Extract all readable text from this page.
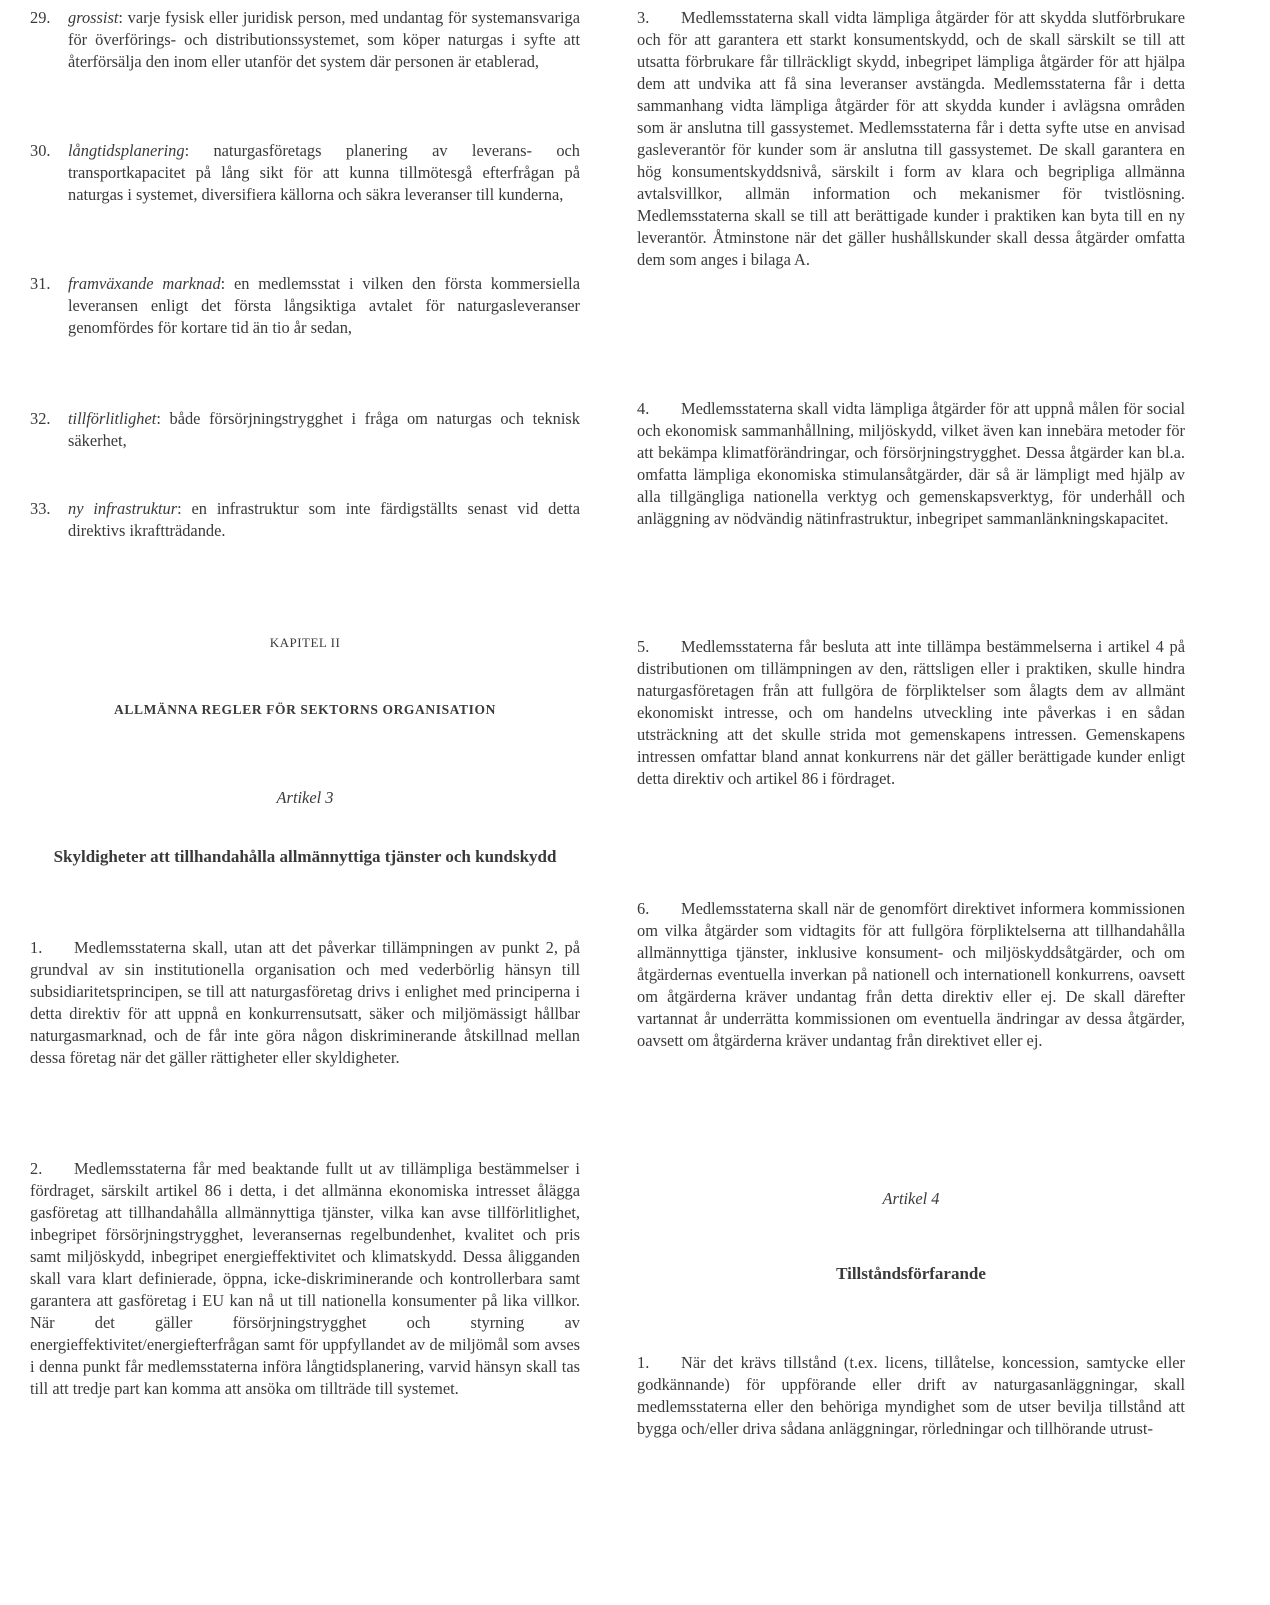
29. grossist: varje fysisk eller juridisk person, med undantag för systemansvariga för överförings- och distributionssystemet, som köper naturgas i syfte att återförsälja den inom eller utanför det system där personen är etablerad,
30. långtidsplanering: naturgasföretags planering av leverans- och transportkapacitet på lång sikt för att kunna tillmötesgå efterfrågan på naturgas i systemet, diversifiera källorna och säkra leveranser till kunderna,
31. framväxande marknad: en medlemsstat i vilken den första kommersiella leveransen enligt det första långsiktiga avtalet för naturgasleveranser genomfördes för kortare tid än tio år sedan,
32. tillförlitlighet: både försörjningstrygghet i fråga om naturgas och teknisk säkerhet,
33. ny infrastruktur: en infrastruktur som inte färdigställts senast vid detta direktivs ikraftträdande.
KAPITEL II
ALLMÄNNA REGLER FÖR SEKTORNS ORGANISATION
Artikel 3
Skyldigheter att tillhandahålla allmännyttiga tjänster och kundskydd
1. Medlemsstaterna skall, utan att det påverkar tillämpningen av punkt 2, på grundval av sin institutionella organisation och med vederbörlig hänsyn till subsidiaritetsprincipen, se till att naturgasföretag drivs i enlighet med principerna i detta direktiv för att uppnå en konkurrensutsatt, säker och miljömässigt hållbar naturgasmarknad, och de får inte göra någon diskriminerande åtskillnad mellan dessa företag när det gäller rättigheter eller skyldigheter.
2. Medlemsstaterna får med beaktande fullt ut av tillämpliga bestämmelser i fördraget, särskilt artikel 86 i detta, i det allmänna ekonomiska intresset ålägga gasföretag att tillhandahålla allmännyttiga tjänster, vilka kan avse tillförlitlighet, inbegripet försörjningstrygghet, leveransernas regelbundenhet, kvalitet och pris samt miljöskydd, inbegripet energieffektivitet och klimatskydd. Dessa åligganden skall vara klart definierade, öppna, icke-diskriminerande och kontrollerbara samt garantera att gasföretag i EU kan nå ut till nationella konsumenter på lika villkor. När det gäller försörjningstrygghet och styrning av energieffektivitet/energiefterfrågan samt för uppfyllandet av de miljömål som avses i denna punkt får medlemsstaterna införa långtidsplanering, varvid hänsyn skall tas till att tredje part kan komma att ansöka om tillträde till systemet.
3. Medlemsstaterna skall vidta lämpliga åtgärder för att skydda slutförbrukare och för att garantera ett starkt konsumentskydd, och de skall särskilt se till att utsatta förbrukare får tillräckligt skydd, inbegripet lämpliga åtgärder för att hjälpa dem att undvika att få sina leveranser avstängda. Medlemsstaterna får i detta sammanhang vidta lämpliga åtgärder för att skydda kunder i avlägsna områden som är anslutna till gassystemet. Medlemsstaterna får i detta syfte utse en anvisad gasleverantör för kunder som är anslutna till gassystemet. De skall garantera en hög konsumentskyddsnivå, särskilt i form av klara och begripliga allmänna avtalsvillkor, allmän information och mekanismer för tvistlösning. Medlemsstaterna skall se till att berättigade kunder i praktiken kan byta till en ny leverantör. Åtminstone när det gäller hushållskunder skall dessa åtgärder omfatta dem som anges i bilaga A.
4. Medlemsstaterna skall vidta lämpliga åtgärder för att uppnå målen för social och ekonomisk sammanhållning, miljöskydd, vilket även kan innebära metoder för att bekämpa klimatförändringar, och försörjningstrygghet. Dessa åtgärder kan bl.a. omfatta lämpliga ekonomiska stimulansåtgärder, där så är lämpligt med hjälp av alla tillgängliga nationella verktyg och gemenskapsverktyg, för underhåll och anläggning av nödvändig nätinfrastruktur, inbegripet sammanlänkningskapacitet.
5. Medlemsstaterna får besluta att inte tillämpa bestämmelserna i artikel 4 på distributionen om tillämpningen av den, rättsligen eller i praktiken, skulle hindra naturgasföretagen från att fullgöra de förpliktelser som ålagts dem av allmänt ekonomiskt intresse, och om handelns utveckling inte påverkas i en sådan utsträckning att det skulle strida mot gemenskapens intressen. Gemenskapens intressen omfattar bland annat konkurrens när det gäller berättigade kunder enligt detta direktiv och artikel 86 i fördraget.
6. Medlemsstaterna skall när de genomfört direktivet informera kommissionen om vilka åtgärder som vidtagits för att fullgöra förpliktelserna att tillhandahålla allmännyttiga tjänster, inklusive konsument- och miljöskyddsåtgärder, och om åtgärdernas eventuella inverkan på nationell och internationell konkurrens, oavsett om åtgärderna kräver undantag från detta direktiv eller ej. De skall därefter vartannat år underrätta kommissionen om eventuella ändringar av dessa åtgärder, oavsett om åtgärderna kräver undantag från direktivet eller ej.
Artikel 4
Tillståndsförfarande
1. När det krävs tillstånd (t.ex. licens, tillåtelse, koncession, samtycke eller godkännande) för uppförande eller drift av naturgasanläggningar, skall medlemsstaterna eller den behöriga myndighet som de utser bevilja tillstånd att bygga och/eller driva sådana anläggningar, rörledningar och tillhörande utrust-
